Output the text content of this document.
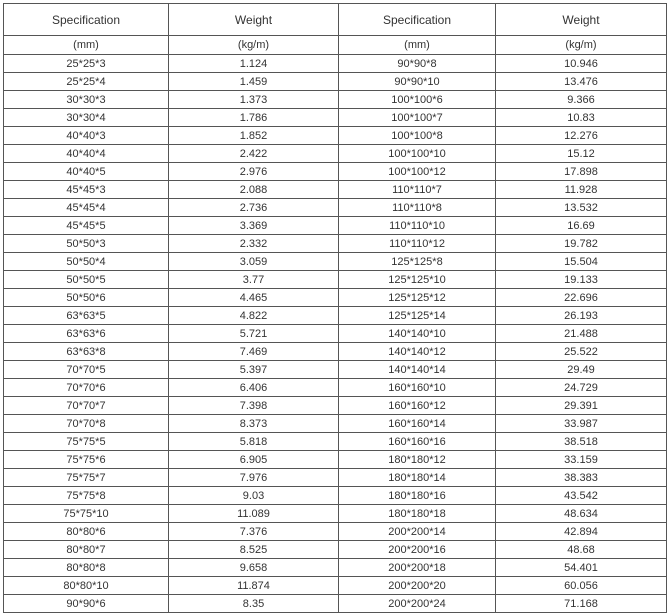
Specification	Weight	Specification	Weight
(mm)	(kg/m)	(mm)	(kg/m)
25*25*3	1.124	90*90*8	10.946
25*25*4	1.459	90*90*10	13.476
30*30*3	1.373	100*100*6	9.366
30*30*4	1.786	100*100*7	10.83
40*40*3	1.852	100*100*8	12.276
40*40*4	2.422	100*100*10	15.12
40*40*5	2.976	100*100*12	17.898
45*45*3	2.088	110*110*7	11.928
45*45*4	2.736	110*110*8	13.532
45*45*5	3.369	110*110*10	16.69
50*50*3	2.332	110*110*12	19.782
50*50*4	3.059	125*125*8	15.504
50*50*5	3.77	125*125*10	19.133
50*50*6	4.465	125*125*12	22.696
63*63*5	4.822	125*125*14	26.193
63*63*6	5.721	140*140*10	21.488
63*63*8	7.469	140*140*12	25.522
70*70*5	5.397	140*140*14	29.49
70*70*6	6.406	160*160*10	24.729
70*70*7	7.398	160*160*12	29.391
70*70*8	8.373	160*160*14	33.987
75*75*5	5.818	160*160*16	38.518
75*75*6	6.905	180*180*12	33.159
75*75*7	7.976	180*180*14	38.383
75*75*8	9.03	180*180*16	43.542
75*75*10	11.089	180*180*18	48.634
80*80*6	7.376	200*200*14	42.894
80*80*7	8.525	200*200*16	48.68
80*80*8	9.658	200*200*18	54.401
80*80*10	11.874	200*200*20	60.056
90*90*6	8.35	200*200*24	71.168
